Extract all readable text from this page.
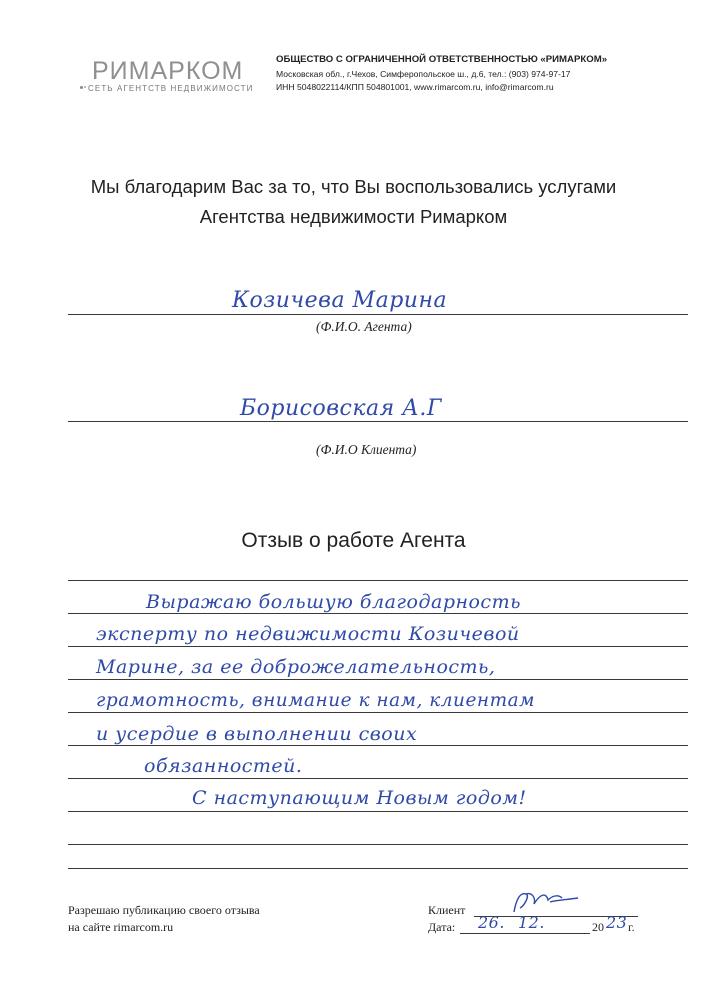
РИМАРКОМ
СЕТЬ АГЕНТСТВ НЕДВИЖИМОСТИ
ОБЩЕСТВО С ОГРАНИЧЕННОЙ ОТВЕТСТВЕННОСТЬЮ «РИМАРКОМ»
Московская обл., г.Чехов, Симферопольское ш., д.6, тел.: (903) 974-97-17
ИНН 5048022114/КПП 504801001, www.rimarcom.ru, info@rimarcom.ru
Мы благодарим Вас за то, что Вы воспользовались услугами
Агентства недвижимости Римарком
Козичева Марина
(Ф.И.О. Агента)
Борисовская А.Г
(Ф.И.О Клиента)
Отзыв о работе Агента
Выражаю большую благодарность
эксперту по недвижимости Козичевой
Марине, за ее доброжелательность,
грамотность, внимание к нам, клиентам
и усердие в выполнении своих
обязанностей.
С наступающим Новым годом!
Разрешаю публикацию своего отзыва
на сайте rimarcom.ru
Клиент
Дата: 26. 12.	20 23 г.
